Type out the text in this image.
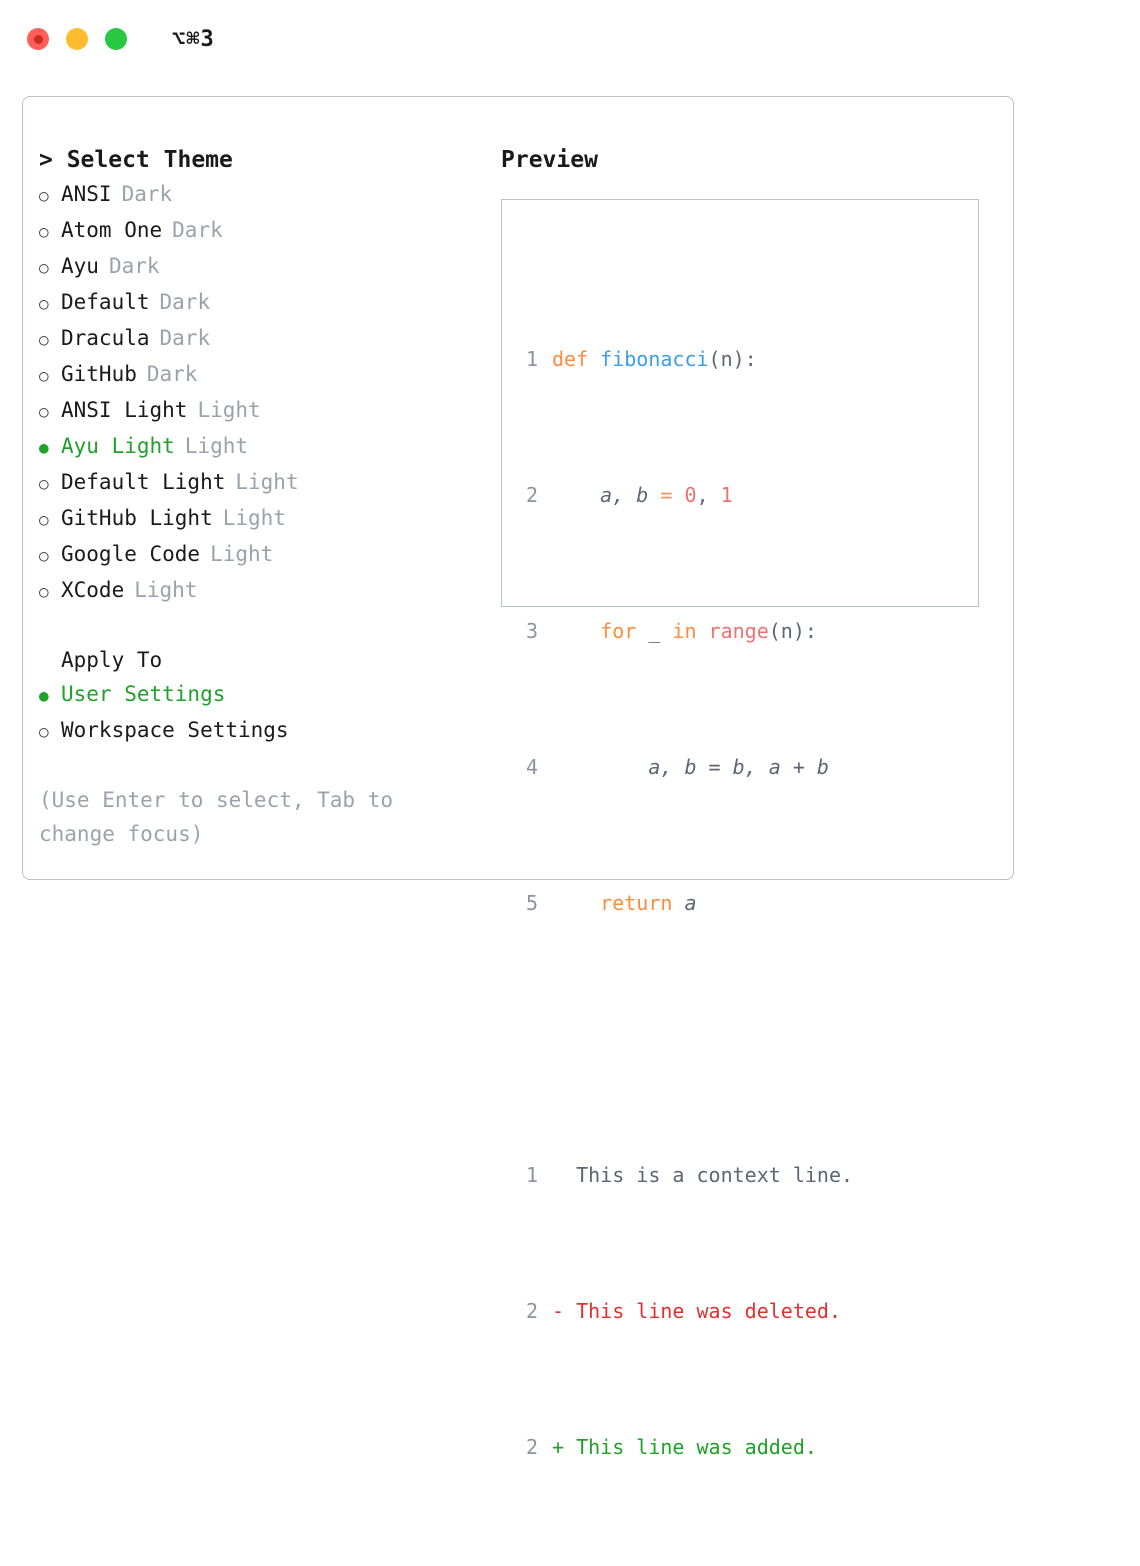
⌥⌘3
> Select Theme
○ ANSI Dark
○ Atom One Dark
○ Ayu Dark
○ Default Dark
○ Dracula Dark
○ GitHub Dark
○ ANSI Light Light
● Ayu Light Light
○ Default Light Light
○ GitHub Light Light
○ Google Code Light
○ XCode Light
Apply To
● User Settings
○ Workspace Settings
(Use Enter to select, Tab to change focus)
Preview

1 def fibonacci(n):

2    a, b = 0, 1

3    for _ in range(n):

4        a, b = b, a + b

5    return a

1  This is a context line.

2 - This line was deleted.

2 + This line was added.
